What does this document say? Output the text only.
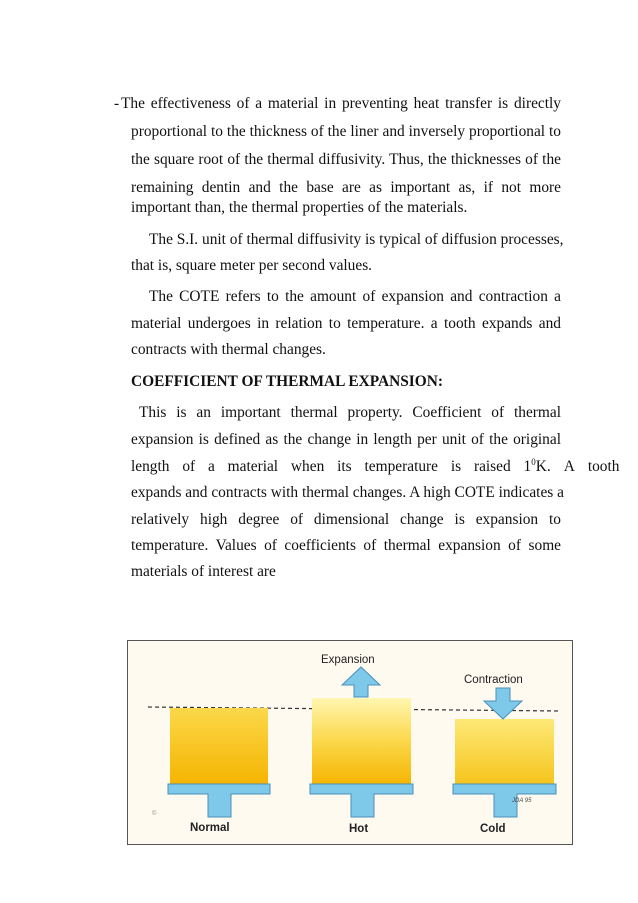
- The effectiveness of a material in preventing heat transfer is directly
proportional to the thickness of the liner and inversely proportional to
the square root of the thermal diffusivity. Thus, the thicknesses of the
remaining dentin and the base are as important as, if not more
important than, the thermal properties of the materials.
The S.I. unit of thermal diffusivity is typical of diffusion processes,
that is, square meter per second values.
The COTE refers to the amount of expansion and contraction a
material undergoes in relation to temperature. a tooth expands and
contracts with thermal changes.
COEFFICIENT OF THERMAL EXPANSION:
This is an important thermal property. Coefficient of thermal
expansion is defined as the change in length per unit of the original
length of a material when its temperature is raised 1 $^0$K. A tooth
expands and contracts with thermal changes. A high COTE indicates a
relatively high degree of dimensional change is expansion to
temperature. Values of coefficients of thermal expansion of some
materials of interest are
Expansion
Contraction
Normal	Hot	Cold
JDA 95
©
